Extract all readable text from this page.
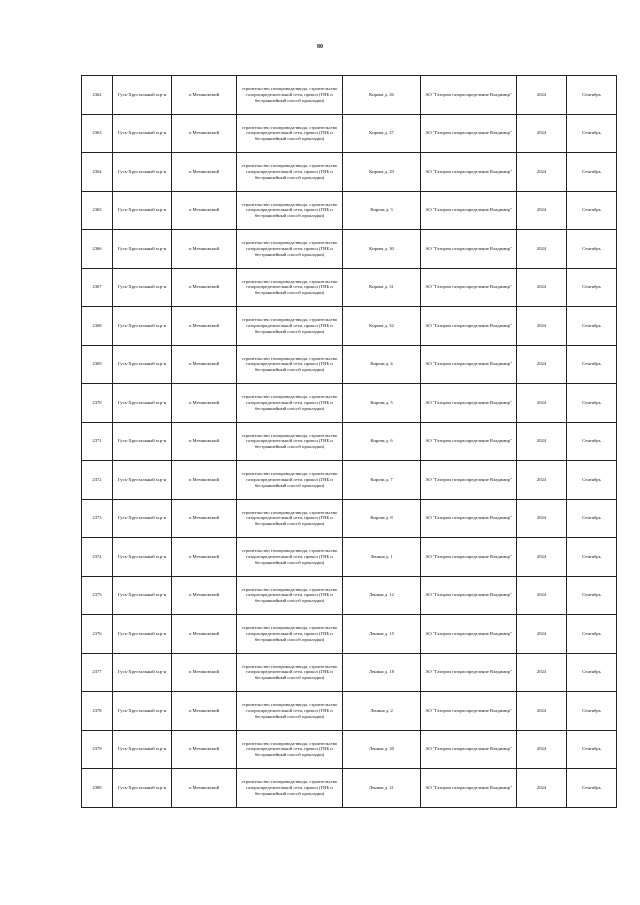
80
2362	Гусь-Хрустальный м.р-н	п Мезиновский	строительство газопровода-ввода, строительство газораспределительной сети, прокол (ГНБ и бестраншейный способ прокладки)	Кирова д. 26	АО "Газпром газораспределение Владимир"	2024	Сентябрь
2363	Гусь-Хрустальный м.р-н	п Мезиновский	строительство газопровода-ввода, строительство газораспределительной сети, прокол (ГНБ и бестраншейный способ прокладки)	Кирова д. 27	АО "Газпром газораспределение Владимир"	2024	Сентябрь
2364	Гусь-Хрустальный м.р-н	п Мезиновский	строительство газопровода-ввода, строительство газораспределительной сети, прокол (ГНБ и бестраншейный способ прокладки)	Кирова д. 29	АО "Газпром газораспределение Владимир"	2024	Сентябрь
2365	Гусь-Хрустальный м.р-н	п Мезиновский	строительство газопровода-ввода, строительство газораспределительной сети, прокол (ГНБ и бестраншейный способ прокладки)	Кирова д. 3	АО "Газпром газораспределение Владимир"	2024	Сентябрь
2366	Гусь-Хрустальный м.р-н	п Мезиновский	строительство газопровода-ввода, строительство газораспределительной сети, прокол (ГНБ и бестраншейный способ прокладки)	Кирова д. 30	АО "Газпром газораспределение Владимир"	2024	Сентябрь
2367	Гусь-Хрустальный м.р-н	п Мезиновский	строительство газопровода-ввода, строительство газораспределительной сети, прокол (ГНБ и бестраншейный способ прокладки)	Кирова д. 31	АО "Газпром газораспределение Владимир"	2024	Сентябрь
2368	Гусь-Хрустальный м.р-н	п Мезиновский	строительство газопровода-ввода, строительство газораспределительной сети, прокол (ГНБ и бестраншейный способ прокладки)	Кирова д. 32	АО "Газпром газораспределение Владимир"	2024	Сентябрь
2369	Гусь-Хрустальный м.р-н	п Мезиновский	строительство газопровода-ввода, строительство газораспределительной сети, прокол (ГНБ и бестраншейный способ прокладки)	Кирова д. 4	АО "Газпром газораспределение Владимир"	2024	Сентябрь
2370	Гусь-Хрустальный м.р-н	п Мезиновский	строительство газопровода-ввода, строительство газораспределительной сети, прокол (ГНБ и бестраншейный способ прокладки)	Кирова д. 5	АО "Газпром газораспределение Владимир"	2024	Сентябрь
2371	Гусь-Хрустальный м.р-н	п Мезиновский	строительство газопровода-ввода, строительство газораспределительной сети, прокол (ГНБ и бестраншейный способ прокладки)	Кирова д. 6	АО "Газпром газораспределение Владимир"	2024	Сентябрь
2372	Гусь-Хрустальный м.р-н	п Мезиновский	строительство газопровода-ввода, строительство газораспределительной сети, прокол (ГНБ и бестраншейный способ прокладки)	Кирова д. 7	АО "Газпром газораспределение Владимир"	2024	Сентябрь
2373	Гусь-Хрустальный м.р-н	п Мезиновский	строительство газопровода-ввода, строительство газораспределительной сети, прокол (ГНБ и бестраншейный способ прокладки)	Кирова д. 8	АО "Газпром газораспределение Владимир"	2024	Сентябрь
2374	Гусь-Хрустальный м.р-н	п Мезиновский	строительство газопровода-ввода, строительство газораспределительной сети, прокол (ГНБ и бестраншейный способ прокладки)	Ленина д. 1	АО "Газпром газораспределение Владимир"	2024	Сентябрь
2375	Гусь-Хрустальный м.р-н	п Мезиновский	строительство газопровода-ввода, строительство газораспределительной сети, прокол (ГНБ и бестраншейный способ прокладки)	Ленина д. 12	АО "Газпром газораспределение Владимир"	2024	Сентябрь
2376	Гусь-Хрустальный м.р-н	п Мезиновский	строительство газопровода-ввода, строительство газораспределительной сети, прокол (ГНБ и бестраншейный способ прокладки)	Ленина д. 15	АО "Газпром газораспределение Владимир"	2024	Сентябрь
2377	Гусь-Хрустальный м.р-н	п Мезиновский	строительство газопровода-ввода, строительство газораспределительной сети, прокол (ГНБ и бестраншейный способ прокладки)	Ленина д. 18	АО "Газпром газораспределение Владимир"	2024	Сентябрь
2378	Гусь-Хрустальный м.р-н	п Мезиновский	строительство газопровода-ввода, строительство газораспределительной сети, прокол (ГНБ и бестраншейный способ прокладки)	Ленина д. 2	АО "Газпром газораспределение Владимир"	2024	Сентябрь
2379	Гусь-Хрустальный м.р-н	п Мезиновский	строительство газопровода-ввода, строительство газораспределительной сети, прокол (ГНБ и бестраншейный способ прокладки)	Ленина д. 20	АО "Газпром газораспределение Владимир"	2024	Сентябрь
2380	Гусь-Хрустальный м.р-н	п Мезиновский	строительство газопровода-ввода, строительство газораспределительной сети, прокол (ГНБ и бестраншейный способ прокладки)	Ленина д. 21	АО "Газпром газораспределение Владимир"	2024	Сентябрь
